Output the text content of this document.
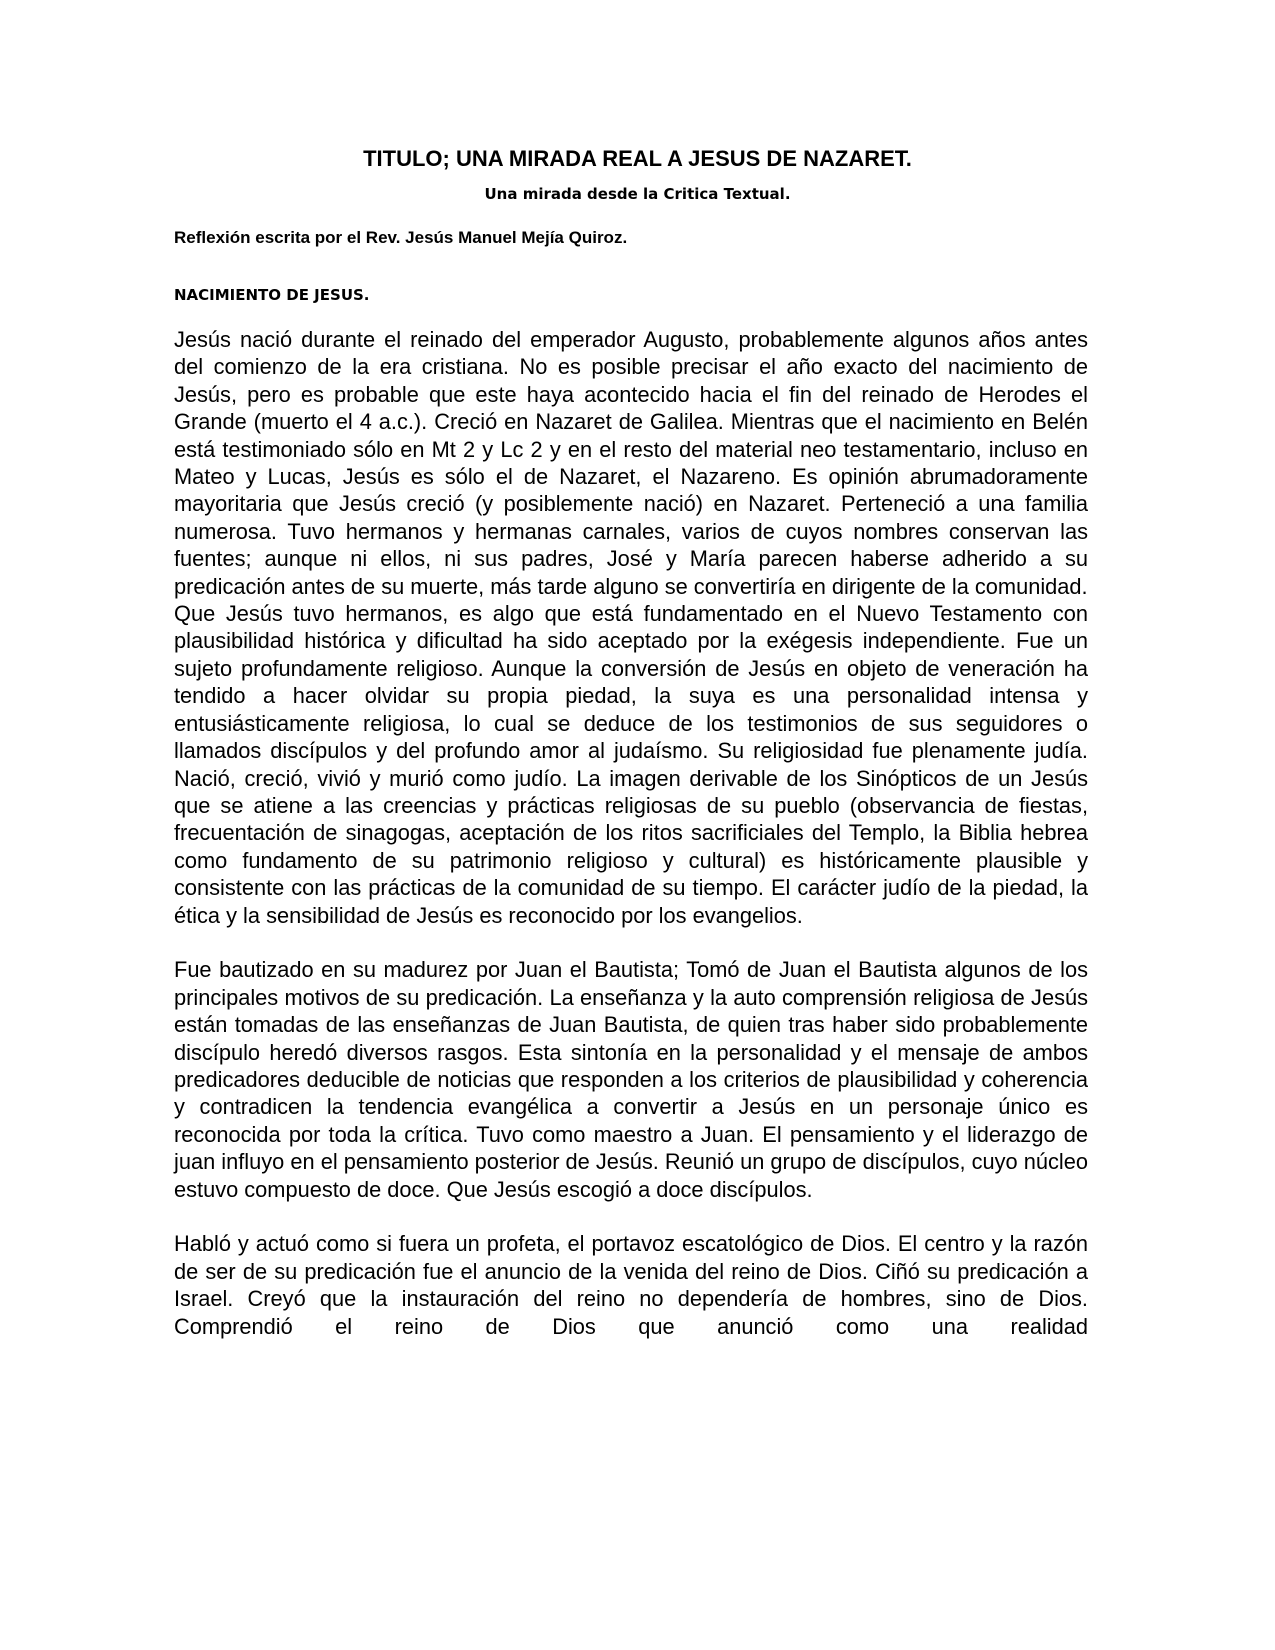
TITULO; UNA MIRADA REAL A JESUS DE NAZARET.
Una mirada desde la Critica Textual.
Reflexión escrita por el Rev. Jesús Manuel Mejía Quiroz.
NACIMIENTO DE JESUS.

Jesús nació durante el reinado del emperador Augusto, probablemente algunos años antes del comienzo de la era cristiana. No es posible precisar el año exacto del nacimiento de Jesús, pero es probable que este haya acontecido hacia el fin del reinado de Herodes el Grande (muerto el 4 a.c.). Creció en Nazaret de Galilea. Mientras que el nacimiento en Belén está testimoniado sólo en Mt 2 y Lc 2 y en el resto del material neo testamentario, incluso en Mateo y Lucas, Jesús es sólo el de Nazaret, el Nazareno. Es opinión abrumadoramente mayoritaria que Jesús creció (y posiblemente nació) en Nazaret. Perteneció a una familia numerosa. Tuvo hermanos y hermanas carnales, varios de cuyos nombres conservan las fuentes; aunque ni ellos, ni sus padres, José y María parecen haberse adherido a su predicación antes de su muerte, más tarde alguno se convertiría en dirigente de la comunidad.

Que Jesús tuvo hermanos, es algo que está fundamentado en el Nuevo Testamento con plausibilidad histórica y dificultad ha sido aceptado por la exégesis independiente. Fue un sujeto profundamente religioso. Aunque la conversión de Jesús en objeto de veneración ha tendido a hacer olvidar su propia piedad, la suya es una personalidad intensa y entusiásticamente religiosa, lo cual se deduce de los testimonios de sus seguidores o llamados discípulos y del profundo amor al judaísmo. Su religiosidad fue plenamente judía. Nació, creció, vivió y murió como judío. La imagen derivable de los Sinópticos de un Jesús que se atiene a las creencias y prácticas religiosas de su pueblo (observancia de fiestas, frecuentación de sinagogas, aceptación de los ritos sacrificiales del Templo, la Biblia hebrea como fundamento de su patrimonio religioso y cultural) es históricamente plausible y consistente con las prácticas de la comunidad de su tiempo. El carácter judío de la piedad, la ética y la sensibilidad de Jesús es reconocido por los evangelios.

Fue bautizado en su madurez por Juan el Bautista; Tomó de Juan el Bautista algunos de los principales motivos de su predicación. La enseñanza y la auto comprensión religiosa de Jesús están tomadas de las enseñanzas de Juan Bautista, de quien tras haber sido probablemente discípulo heredó diversos rasgos. Esta sintonía en la personalidad y el mensaje de ambos predicadores deducible de noticias que responden a los criterios de plausibilidad y coherencia y contradicen la tendencia evangélica a convertir a Jesús en un personaje único es reconocida por toda la crítica. Tuvo como maestro a Juan. El pensamiento y el liderazgo de juan influyo en el pensamiento posterior de Jesús. Reunió un grupo de discípulos, cuyo núcleo estuvo compuesto de doce. Que Jesús escogió a doce discípulos.

Habló y actuó como si fuera un profeta, el portavoz escatológico de Dios. El centro y la razón de ser de su predicación fue el anuncio de la venida del reino de Dios. Ciñó su predicación a Israel. Creyó que la instauración del reino no dependería de hombres, sino de Dios. Comprendió el reino de Dios que anunció como una realidad
